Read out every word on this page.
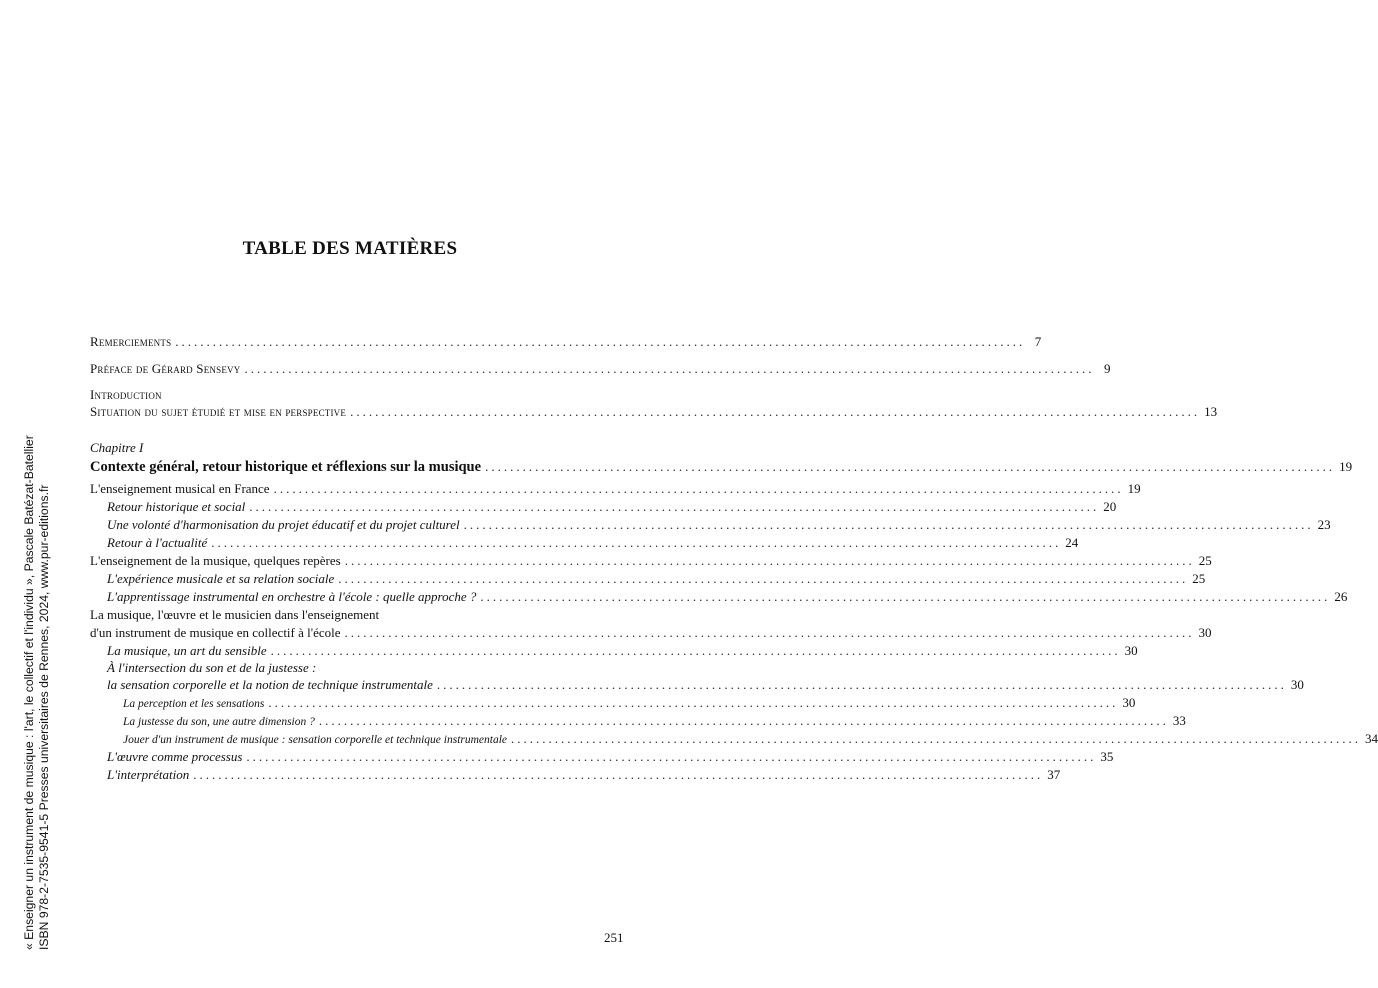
TABLE DES MATIÈRES
Remerciements ........................................................................................................................................ 7
Préface de Gérard Sensevy ........................................................................................................................................ 9
Introduction
Situation du sujet étudié et mise en perspective ........................................................................................................................................ 13
Chapitre I
Contexte général, retour historique et réflexions sur la musique ........................................................................................................................................ 19
L'enseignement musical en France ........................................................................................................................................ 19
Retour historique et social ........................................................................................................................................ 20
Une volonté d'harmonisation du projet éducatif et du projet culturel ........................................................................................................................................ 23
Retour à l'actualité ........................................................................................................................................ 24
L'enseignement de la musique, quelques repères ........................................................................................................................................ 25
L'expérience musicale et sa relation sociale ........................................................................................................................................ 25
L'apprentissage instrumental en orchestre à l'école : quelle approche ? ........................................................................................................................................ 26
La musique, l'œuvre et le musicien dans l'enseignement
d'un instrument de musique en collectif à l'école ........................................................................................................................................ 30
La musique, un art du sensible ........................................................................................................................................ 30
À l'intersection du son et de la justesse :
la sensation corporelle et la notion de technique instrumentale ........................................................................................................................................ 30
La perception et les sensations ........................................................................................................................................ 30
La justesse du son, une autre dimension ? ........................................................................................................................................ 33
Jouer d'un instrument de musique : sensation corporelle et technique instrumentale ........................................................................................................................................ 34
L'œuvre comme processus ........................................................................................................................................ 35
L'interprétation ........................................................................................................................................ 37
« Enseigner un instrument de musique : l'art, le collectif et l'individu », Pascale Batézat-Batellier ISBN 978-2-7535-9541-5 Presses universitaires de Rennes, 2024, www.pur-editions.fr	251
